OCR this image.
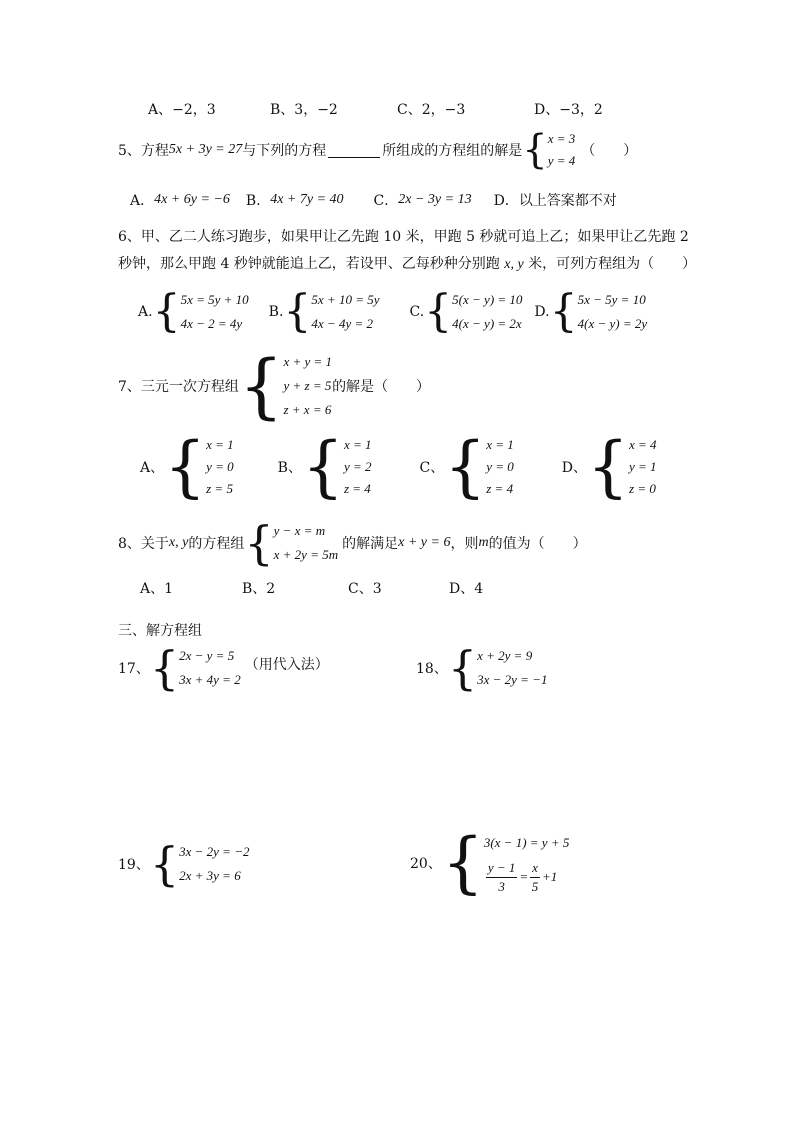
A、−2，3	B、3，−2	C、2，−3	D、−3，2
5、 方程 5x + 3y = 27 与下列的方程	所组成的方程组的解是 { x = 3
y = 4
（　　）
A． 4x + 6y = −6 B． 4x + 7y = 40 C． 2x − 3y = 13 D． 以上答案都不对
6、甲、乙二人练习跑步，如果甲让乙先跑 10 米，甲跑 5 秒就可追上乙；如果甲让乙先跑 2
秒钟，那么甲跑 4 秒钟就能追上乙，若设甲、乙每秒种分别跑 x, y 米，可列方程组为（　　）
A. { 5x = 5y + 10
4x − 2 = 4y
B. { 5x + 10 = 5y
4x − 4y = 2
C. { 5(x − y) = 10
4(x − y) = 2x
D. { 5x − 5y = 10
4(x − y) = 2y
7、三元一次方程组 { x + y = 1
y + z = 5
z + x = 6
的解是（　　）
A、 { x = 1
y = 0
z = 5
B、 { x = 1
y = 2
z = 4
C、 { x = 1
y = 0
z = 4
D、 { x = 4
y = 1
z = 0
8、关于 x, y 的方程组 { y − x = m
x + 2y = 5m
的解满足 x + y = 6 ，则 m 的值为（　　）
A、1	B、2	C、3	D、4
三、解方程组
17、 { 2x − y = 5
3x + 4y = 2
（用代入法）	18、 { x + 2y = 9
3x − 2y = −1
19、 { 3x − 2y = −2
2x + 3y = 6
20、 { 3(x − 1) = y + 5
$\frac{y - 1}{3} = \frac{x}{5} +1$
